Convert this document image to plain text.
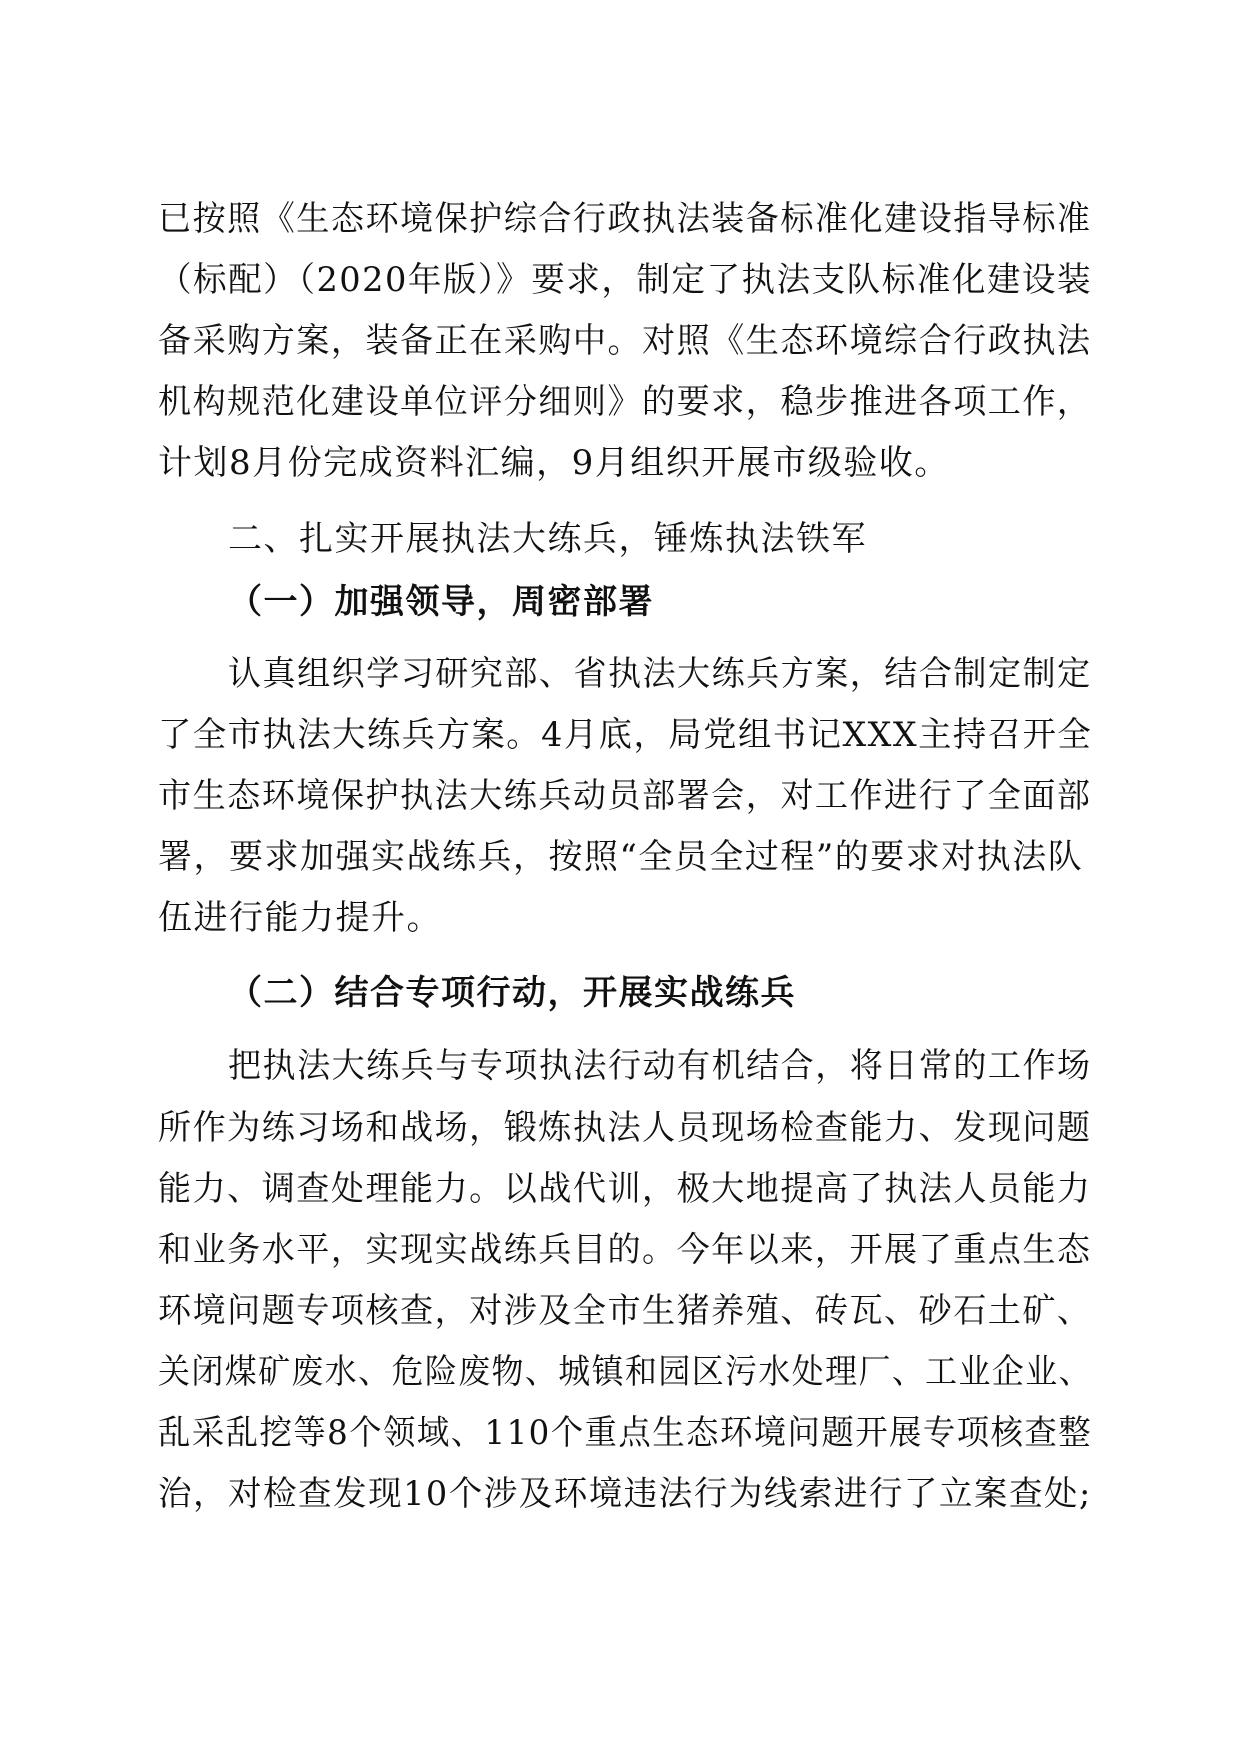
已按照《生态环境保护综合行政执法装备标准化建设指导标准
（标配）（2020年版）》要求，制定了执法支队标准化建设装
备采购方案，装备正在采购中。对照《生态环境综合行政执法
机构规范化建设单位评分细则》的要求，稳步推进各项工作，
计划8月份完成资料汇编，9月组织开展市级验收。
二、扎实开展执法大练兵，锤炼执法铁军
（一）加强领导，周密部署
认真组织学习研究部、省执法大练兵方案，结合制定制定
了全市执法大练兵方案。4月底，局党组书记XXX主持召开全
市生态环境保护执法大练兵动员部署会，对工作进行了全面部
署，要求加强实战练兵，按照“全员全过程”的要求对执法队
伍进行能力提升。
（二）结合专项行动，开展实战练兵
把执法大练兵与专项执法行动有机结合，将日常的工作场
所作为练习场和战场，锻炼执法人员现场检查能力、发现问题
能力、调查处理能力。以战代训，极大地提高了执法人员能力
和业务水平，实现实战练兵目的。今年以来，开展了重点生态
环境问题专项核查，对涉及全市生猪养殖、砖瓦、砂石土矿、
关闭煤矿废水、危险废物、城镇和园区污水处理厂、工业企业、
乱采乱挖等8个领域、110个重点生态环境问题开展专项核查整
治，对检查发现10个涉及环境违法行为线索进行了立案查处;
